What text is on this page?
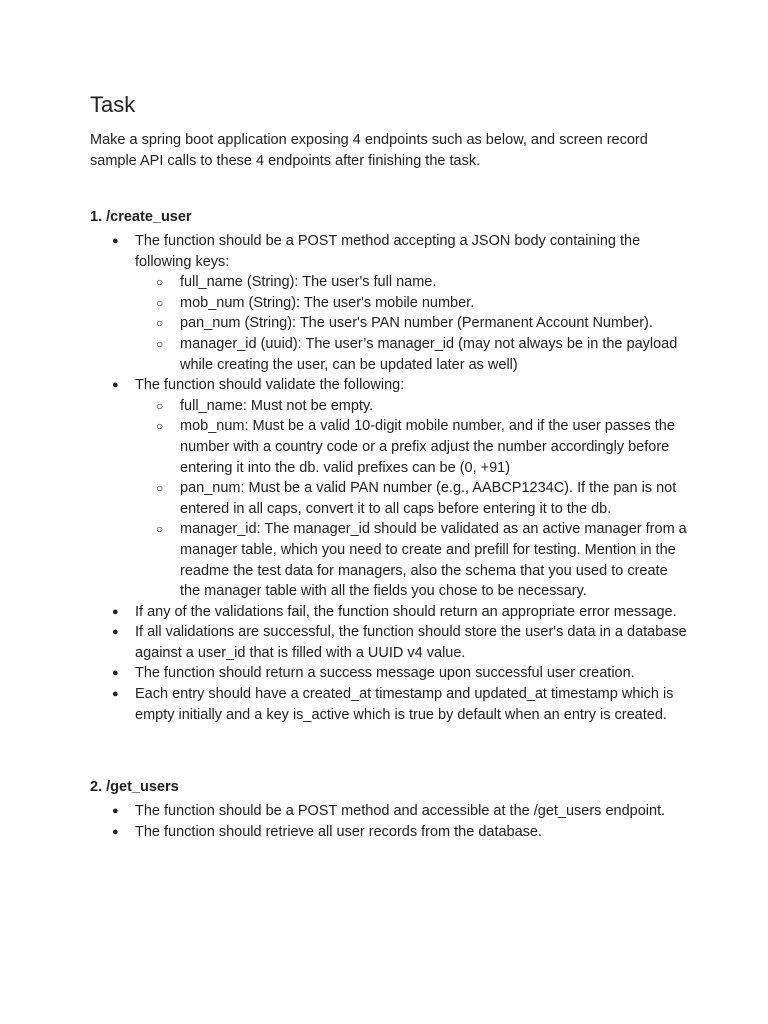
Task

Make a spring boot application exposing 4 endpoints such as below, and screen record sample API calls to these 4 endpoints after finishing the task.

1. /create_user

● The function should be a POST method accepting a JSON body containing the following keys:
○ full_name (String): The user's full name.
○ mob_num (String): The user's mobile number.
○ pan_num (String): The user's PAN number (Permanent Account Number).
○ manager_id (uuid): The user’s manager_id (may not always be in the payload while creating the user, can be updated later as well)
● The function should validate the following:
○ full_name: Must not be empty.
○ mob_num: Must be a valid 10-digit mobile number, and if the user passes the number with a country code or a prefix adjust the number accordingly before entering it into the db. valid prefixes can be (0, +91)
○ pan_num: Must be a valid PAN number (e.g., AABCP1234C). If the pan is not entered in all caps, convert it to all caps before entering it to the db.
○ manager_id: The manager_id should be validated as an active manager from a manager table, which you need to create and prefill for testing. Mention in the readme the test data for managers, also the schema that you used to create the manager table with all the fields you chose to be necessary.
● If any of the validations fail, the function should return an appropriate error message.
● If all validations are successful, the function should store the user's data in a database against a user_id that is filled with a UUID v4 value.
● The function should return a success message upon successful user creation.
● Each entry should have a created_at timestamp and updated_at timestamp which is empty initially and a key is_active which is true by default when an entry is created.

2. /get_users

● The function should be a POST method and accessible at the /get_users endpoint.
● The function should retrieve all user records from the database.
